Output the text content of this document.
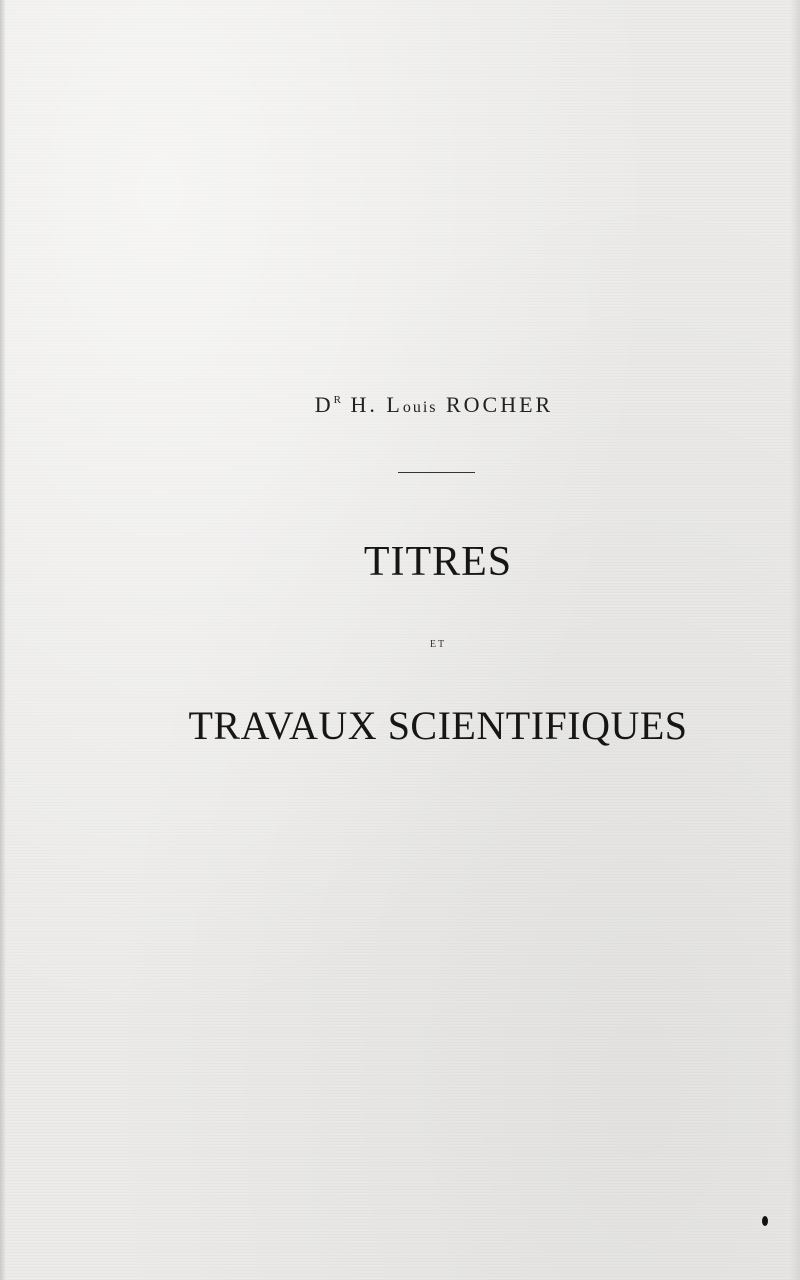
$D^R$ H. Louis ROCHER
TITRES
ET
TRAVAUX SCIENTIFIQUES
